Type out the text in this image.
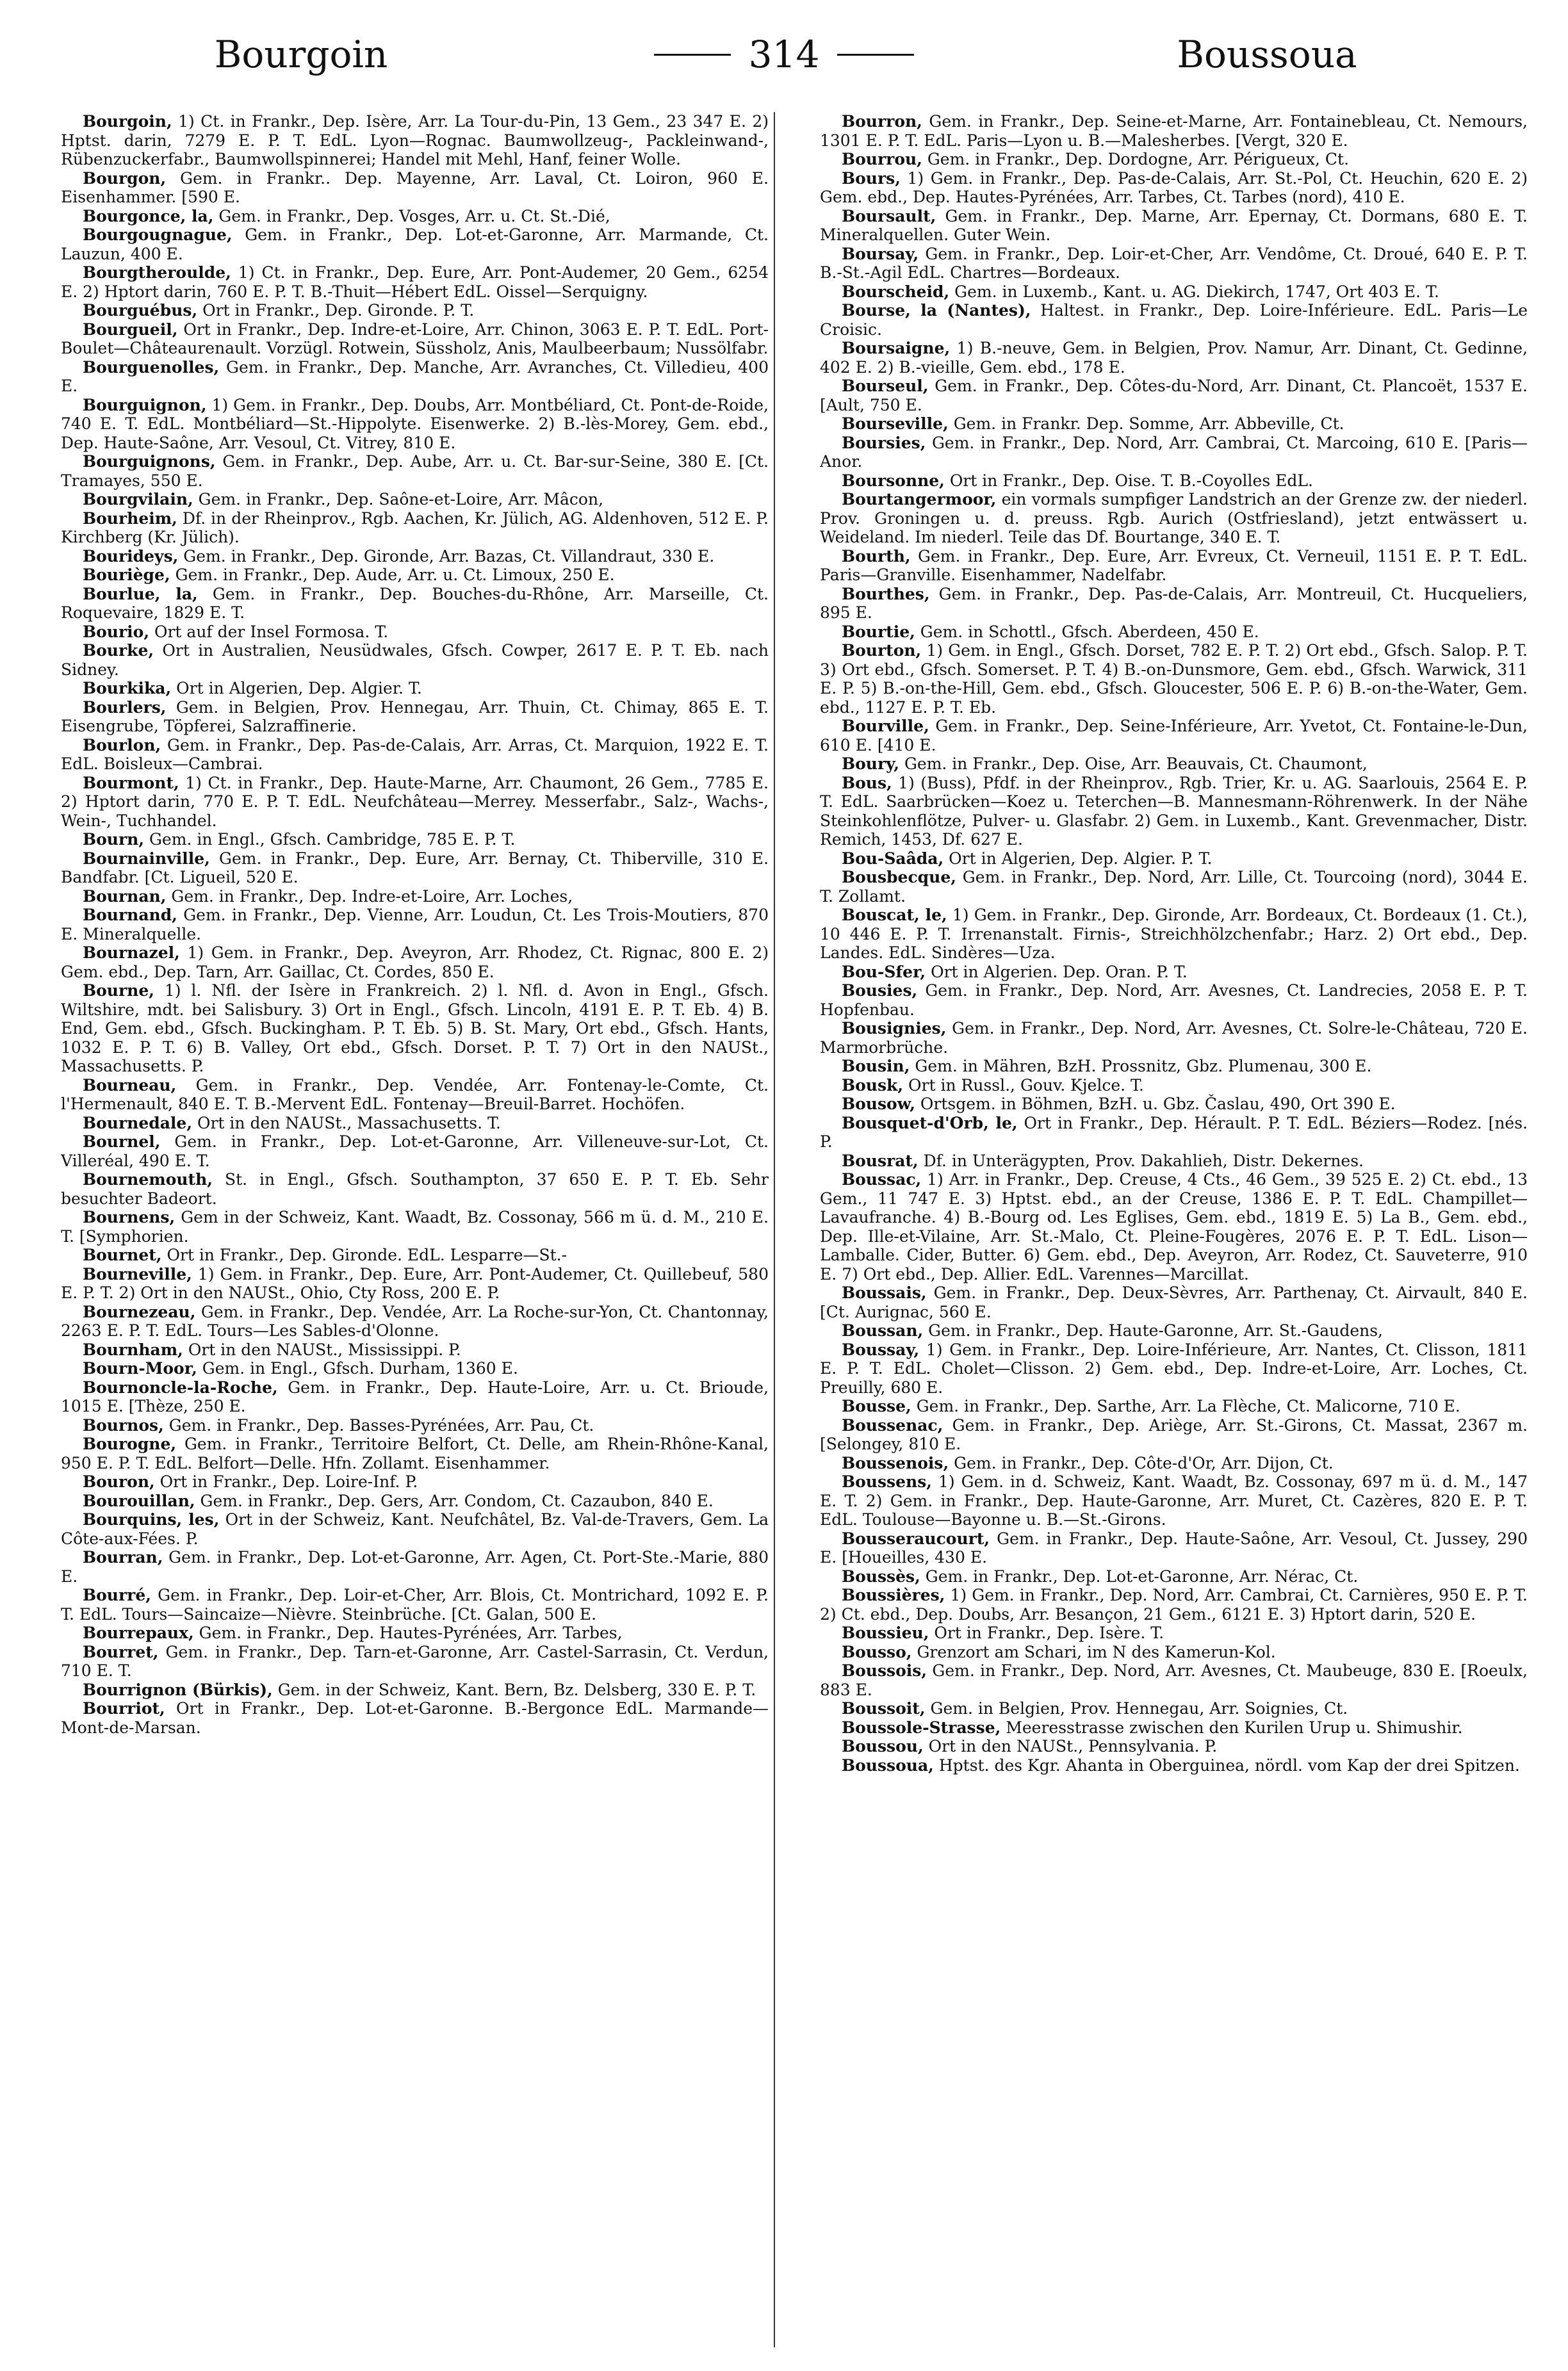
Bourgoin	314	Boussoua

Bourgoin, 1) Ct. in Frankr., Dep. Isère, Arr. La Tour-du-Pin, 13 Gem., 23 347 E. 2) Hptst. darin, 7279 E. P. T. EdL. Lyon—Rognac. Baumwollzeug-, Packleinwand-, Rübenzuckerfabr., Baumwollspinnerei; Handel mit Mehl, Hanf, feiner Wolle.

Bourgon, Gem. in Frankr.. Dep. Mayenne, Arr. Laval, Ct. Loiron, 960 E. Eisenhammer. [590 E.

Bourgonce, la, Gem. in Frankr., Dep. Vosges, Arr. u. Ct. St.-Dié,

Bourgougnague, Gem. in Frankr., Dep. Lot-et-Garonne, Arr. Marmande, Ct. Lauzun, 400 E.

Bourgtheroulde, 1) Ct. in Frankr., Dep. Eure, Arr. Pont-Audemer, 20 Gem., 6254 E. 2) Hptort darin, 760 E. P. T. B.-Thuit—Hébert EdL. Oissel—Serquigny.

Bourguébus, Ort in Frankr., Dep. Gironde. P. T.

Bourgueil, Ort in Frankr., Dep. Indre-et-Loire, Arr. Chinon, 3063 E. P. T. EdL. Port-Boulet—Châteaurenault. Vorzügl. Rotwein, Süssholz, Anis, Maulbeerbaum; Nussölfabr.

Bourguenolles, Gem. in Frankr., Dep. Manche, Arr. Avranches, Ct. Villedieu, 400 E.

Bourguignon, 1) Gem. in Frankr., Dep. Doubs, Arr. Montbéliard, Ct. Pont-de-Roide, 740 E. T. EdL. Montbéliard—St.-Hippolyte. Eisenwerke. 2) B.-lès-Morey, Gem. ebd., Dep. Haute-Saône, Arr. Vesoul, Ct. Vitrey, 810 E.

Bourguignons, Gem. in Frankr., Dep. Aube, Arr. u. Ct. Bar-sur-Seine, 380 E. [Ct. Tramayes, 550 E.

Bourgvilain, Gem. in Frankr., Dep. Saône-et-Loire, Arr. Mâcon,

Bourheim, Df. in der Rheinprov., Rgb. Aachen, Kr. Jülich, AG. Aldenhoven, 512 E. P. Kirchberg (Kr. Jülich).

Bourideys, Gem. in Frankr., Dep. Gironde, Arr. Bazas, Ct. Villandraut, 330 E.

Bouriège, Gem. in Frankr., Dep. Aude, Arr. u. Ct. Limoux, 250 E.

Bourlue, la, Gem. in Frankr., Dep. Bouches-du-Rhône, Arr. Marseille, Ct. Roquevaire, 1829 E. T.

Bourio, Ort auf der Insel Formosa. T.

Bourke, Ort in Australien, Neusüdwales, Gfsch. Cowper, 2617 E. P. T. Eb. nach Sidney.

Bourkika, Ort in Algerien, Dep. Algier. T.

Bourlers, Gem. in Belgien, Prov. Hennegau, Arr. Thuin, Ct. Chimay, 865 E. T. Eisengrube, Töpferei, Salzraffinerie.

Bourlon, Gem. in Frankr., Dep. Pas-de-Calais, Arr. Arras, Ct. Marquion, 1922 E. T. EdL. Boisleux—Cambrai.

Bourmont, 1) Ct. in Frankr., Dep. Haute-Marne, Arr. Chaumont, 26 Gem., 7785 E. 2) Hptort darin, 770 E. P. T. EdL. Neufchâteau—Merrey. Messerfabr., Salz-, Wachs-, Wein-, Tuchhandel.

Bourn, Gem. in Engl., Gfsch. Cambridge, 785 E. P. T.

Bournainville, Gem. in Frankr., Dep. Eure, Arr. Bernay, Ct. Thiberville, 310 E. Bandfabr. [Ct. Ligueil, 520 E.

Bournan, Gem. in Frankr., Dep. Indre-et-Loire, Arr. Loches,

Bournand, Gem. in Frankr., Dep. Vienne, Arr. Loudun, Ct. Les Trois-Moutiers, 870 E. Mineralquelle.

Bournazel, 1) Gem. in Frankr., Dep. Aveyron, Arr. Rhodez, Ct. Rignac, 800 E. 2) Gem. ebd., Dep. Tarn, Arr. Gaillac, Ct. Cordes, 850 E.

Bourne, 1) l. Nfl. der Isère in Frankreich. 2) l. Nfl. d. Avon in Engl., Gfsch. Wiltshire, mdt. bei Salisbury. 3) Ort in Engl., Gfsch. Lincoln, 4191 E. P. T. Eb. 4) B. End, Gem. ebd., Gfsch. Buckingham. P. T. Eb. 5) B. St. Mary, Ort ebd., Gfsch. Hants, 1032 E. P. T. 6) B. Valley, Ort ebd., Gfsch. Dorset. P. T. 7) Ort in den NAUSt., Massachusetts. P.

Bourneau, Gem. in Frankr., Dep. Vendée, Arr. Fontenay-le-Comte, Ct. l'Hermenault, 840 E. T. B.-Mervent EdL. Fontenay—Breuil-Barret. Hochöfen.

Bournedale, Ort in den NAUSt., Massachusetts. T.

Bournel, Gem. in Frankr., Dep. Lot-et-Garonne, Arr. Villeneuve-sur-Lot, Ct. Villeréal, 490 E. T.

Bournemouth, St. in Engl., Gfsch. Southampton, 37 650 E. P. T. Eb. Sehr besuchter Badeort.

Bournens, Gem in der Schweiz, Kant. Waadt, Bz. Cossonay, 566 m ü. d. M., 210 E. T. [Symphorien.

Bournet, Ort in Frankr., Dep. Gironde. EdL. Lesparre—St.-

Bourneville, 1) Gem. in Frankr., Dep. Eure, Arr. Pont-Audemer, Ct. Quillebeuf, 580 E. P. T. 2) Ort in den NAUSt., Ohio, Cty Ross, 200 E. P.

Bournezeau, Gem. in Frankr., Dep. Vendée, Arr. La Roche-sur-Yon, Ct. Chantonnay, 2263 E. P. T. EdL. Tours—Les Sables-d'Olonne.

Bournham, Ort in den NAUSt., Mississippi. P.

Bourn-Moor, Gem. in Engl., Gfsch. Durham, 1360 E.

Bournoncle-la-Roche, Gem. in Frankr., Dep. Haute-Loire, Arr. u. Ct. Brioude, 1015 E. [Thèze, 250 E.

Bournos, Gem. in Frankr., Dep. Basses-Pyrénées, Arr. Pau, Ct.

Bourogne, Gem. in Frankr., Territoire Belfort, Ct. Delle, am Rhein-Rhône-Kanal, 950 E. P. T. EdL. Belfort—Delle. Hfn. Zollamt. Eisenhammer.

Bouron, Ort in Frankr., Dep. Loire-Inf. P.

Bourouillan, Gem. in Frankr., Dep. Gers, Arr. Condom, Ct. Cazaubon, 840 E.

Bourquins, les, Ort in der Schweiz, Kant. Neufchâtel, Bz. Val-de-Travers, Gem. La Côte-aux-Fées. P.

Bourran, Gem. in Frankr., Dep. Lot-et-Garonne, Arr. Agen, Ct. Port-Ste.-Marie, 880 E.

Bourré, Gem. in Frankr., Dep. Loir-et-Cher, Arr. Blois, Ct. Montrichard, 1092 E. P. T. EdL. Tours—Saincaize—Nièvre. Steinbrüche. [Ct. Galan, 500 E.

Bourrepaux, Gem. in Frankr., Dep. Hautes-Pyrénées, Arr. Tarbes,

Bourret, Gem. in Frankr., Dep. Tarn-et-Garonne, Arr. Castel-Sarrasin, Ct. Verdun, 710 E. T.

Bourrignon (Bürkis), Gem. in der Schweiz, Kant. Bern, Bz. Delsberg, 330 E. P. T.

Bourriot, Ort in Frankr., Dep. Lot-et-Garonne. B.-Bergonce EdL. Marmande—Mont-de-Marsan.

Bourron, Gem. in Frankr., Dep. Seine-et-Marne, Arr. Fontainebleau, Ct. Nemours, 1301 E. P. T. EdL. Paris—Lyon u. B.—Malesherbes. [Vergt, 320 E.

Bourrou, Gem. in Frankr., Dep. Dordogne, Arr. Périgueux, Ct.

Bours, 1) Gem. in Frankr., Dep. Pas-de-Calais, Arr. St.-Pol, Ct. Heuchin, 620 E. 2) Gem. ebd., Dep. Hautes-Pyrénées, Arr. Tarbes, Ct. Tarbes (nord), 410 E.

Boursault, Gem. in Frankr., Dep. Marne, Arr. Epernay, Ct. Dormans, 680 E. T. Mineralquellen. Guter Wein.

Boursay, Gem. in Frankr., Dep. Loir-et-Cher, Arr. Vendôme, Ct. Droué, 640 E. P. T. B.-St.-Agil EdL. Chartres—Bordeaux.

Bourscheid, Gem. in Luxemb., Kant. u. AG. Diekirch, 1747, Ort 403 E. T.

Bourse, la (Nantes), Haltest. in Frankr., Dep. Loire-Inférieure. EdL. Paris—Le Croisic.

Boursaigne, 1) B.-neuve, Gem. in Belgien, Prov. Namur, Arr. Dinant, Ct. Gedinne, 402 E. 2) B.-vieille, Gem. ebd., 178 E.

Bourseul, Gem. in Frankr., Dep. Côtes-du-Nord, Arr. Dinant, Ct. Plancoët, 1537 E. [Ault, 750 E.

Bourseville, Gem. in Frankr. Dep. Somme, Arr. Abbeville, Ct.

Boursies, Gem. in Frankr., Dep. Nord, Arr. Cambrai, Ct. Marcoing, 610 E. [Paris—Anor.

Boursonne, Ort in Frankr., Dep. Oise. T. B.-Coyolles EdL.

Bourtangermoor, ein vormals sumpfiger Landstrich an der Grenze zw. der niederl. Prov. Groningen u. d. preuss. Rgb. Aurich (Ostfriesland), jetzt entwässert u. Weideland. Im niederl. Teile das Df. Bourtange, 340 E. T.

Bourth, Gem. in Frankr., Dep. Eure, Arr. Evreux, Ct. Verneuil, 1151 E. P. T. EdL. Paris—Granville. Eisenhammer, Nadelfabr.

Bourthes, Gem. in Frankr., Dep. Pas-de-Calais, Arr. Montreuil, Ct. Hucqueliers, 895 E.

Bourtie, Gem. in Schottl., Gfsch. Aberdeen, 450 E.

Bourton, 1) Gem. in Engl., Gfsch. Dorset, 782 E. P. T. 2) Ort ebd., Gfsch. Salop. P. T. 3) Ort ebd., Gfsch. Somerset. P. T. 4) B.-on-Dunsmore, Gem. ebd., Gfsch. Warwick, 311 E. P. 5) B.-on-the-Hill, Gem. ebd., Gfsch. Gloucester, 506 E. P. 6) B.-on-the-Water, Gem. ebd., 1127 E. P. T. Eb.

Bourville, Gem. in Frankr., Dep. Seine-Inférieure, Arr. Yvetot, Ct. Fontaine-le-Dun, 610 E. [410 E.

Boury, Gem. in Frankr., Dep. Oise, Arr. Beauvais, Ct. Chaumont,

Bous, 1) (Buss), Pfdf. in der Rheinprov., Rgb. Trier, Kr. u. AG. Saarlouis, 2564 E. P. T. EdL. Saarbrücken—Koez u. Teterchen—B. Mannesmann-Röhrenwerk. In der Nähe Steinkohlenflötze, Pulver- u. Glasfabr. 2) Gem. in Luxemb., Kant. Grevenmacher, Distr. Remich, 1453, Df. 627 E.

Bou-Saâda, Ort in Algerien, Dep. Algier. P. T.

Bousbecque, Gem. in Frankr., Dep. Nord, Arr. Lille, Ct. Tourcoing (nord), 3044 E. T. Zollamt.

Bouscat, le, 1) Gem. in Frankr., Dep. Gironde, Arr. Bordeaux, Ct. Bordeaux (1. Ct.), 10 446 E. P. T. Irrenanstalt. Firnis-, Streichhölzchenfabr.; Harz. 2) Ort ebd., Dep. Landes. EdL. Sindères—Uza.

Bou-Sfer, Ort in Algerien. Dep. Oran. P. T.

Bousies, Gem. in Frankr., Dep. Nord, Arr. Avesnes, Ct. Landrecies, 2058 E. P. T. Hopfenbau.

Bousignies, Gem. in Frankr., Dep. Nord, Arr. Avesnes, Ct. Solre-le-Château, 720 E. Marmorbrüche.

Bousin, Gem. in Mähren, BzH. Prossnitz, Gbz. Plumenau, 300 E.

Bousk, Ort in Russl., Gouv. Kjelce. T.

Bousow, Ortsgem. in Böhmen, BzH. u. Gbz. Časlau, 490, Ort 390 E.

Bousquet-d'Orb, le, Ort in Frankr., Dep. Hérault. P. T. EdL. Béziers—Rodez. [nés. P.

Bousrat, Df. in Unterägypten, Prov. Dakahlieh, Distr. Dekernes.

Boussac, 1) Arr. in Frankr., Dep. Creuse, 4 Cts., 46 Gem., 39 525 E. 2) Ct. ebd., 13 Gem., 11 747 E. 3) Hptst. ebd., an der Creuse, 1386 E. P. T. EdL. Champillet—Lavaufranche. 4) B.-Bourg od. Les Eglises, Gem. ebd., 1819 E. 5) La B., Gem. ebd., Dep. Ille-et-Vilaine, Arr. St.-Malo, Ct. Pleine-Fougères, 2076 E. P. T. EdL. Lison—Lamballe. Cider, Butter. 6) Gem. ebd., Dep. Aveyron, Arr. Rodez, Ct. Sauveterre, 910 E. 7) Ort ebd., Dep. Allier. EdL. Varennes—Marcillat.

Boussais, Gem. in Frankr., Dep. Deux-Sèvres, Arr. Parthenay, Ct. Airvault, 840 E. [Ct. Aurignac, 560 E.

Boussan, Gem. in Frankr., Dep. Haute-Garonne, Arr. St.-Gaudens,

Boussay, 1) Gem. in Frankr., Dep. Loire-Inférieure, Arr. Nantes, Ct. Clisson, 1811 E. P. T. EdL. Cholet—Clisson. 2) Gem. ebd., Dep. Indre-et-Loire, Arr. Loches, Ct. Preuilly, 680 E.

Bousse, Gem. in Frankr., Dep. Sarthe, Arr. La Flèche, Ct. Malicorne, 710 E.

Boussenac, Gem. in Frankr., Dep. Ariège, Arr. St.-Girons, Ct. Massat, 2367 m. [Selongey, 810 E.

Boussenois, Gem. in Frankr., Dep. Côte-d'Or, Arr. Dijon, Ct.

Boussens, 1) Gem. in d. Schweiz, Kant. Waadt, Bz. Cossonay, 697 m ü. d. M., 147 E. T. 2) Gem. in Frankr., Dep. Haute-Garonne, Arr. Muret, Ct. Cazères, 820 E. P. T. EdL. Toulouse—Bayonne u. B.—St.-Girons.

Bousseraucourt, Gem. in Frankr., Dep. Haute-Saône, Arr. Vesoul, Ct. Jussey, 290 E. [Houeilles, 430 E.

Boussès, Gem. in Frankr., Dep. Lot-et-Garonne, Arr. Nérac, Ct.

Boussières, 1) Gem. in Frankr., Dep. Nord, Arr. Cambrai, Ct. Carnières, 950 E. P. T. 2) Ct. ebd., Dep. Doubs, Arr. Besançon, 21 Gem., 6121 E. 3) Hptort darin, 520 E.

Boussieu, Ort in Frankr., Dep. Isère. T.

Bousso, Grenzort am Schari, im N des Kamerun-Kol.

Boussois, Gem. in Frankr., Dep. Nord, Arr. Avesnes, Ct. Maubeuge, 830 E. [Roeulx, 883 E.

Boussoit, Gem. in Belgien, Prov. Hennegau, Arr. Soignies, Ct.

Boussole-Strasse, Meeresstrasse zwischen den Kurilen Urup u. Shimushir.

Boussou, Ort in den NAUSt., Pennsylvania. P.

Boussoua, Hptst. des Kgr. Ahanta in Oberguinea, nördl. vom Kap der drei Spitzen.
